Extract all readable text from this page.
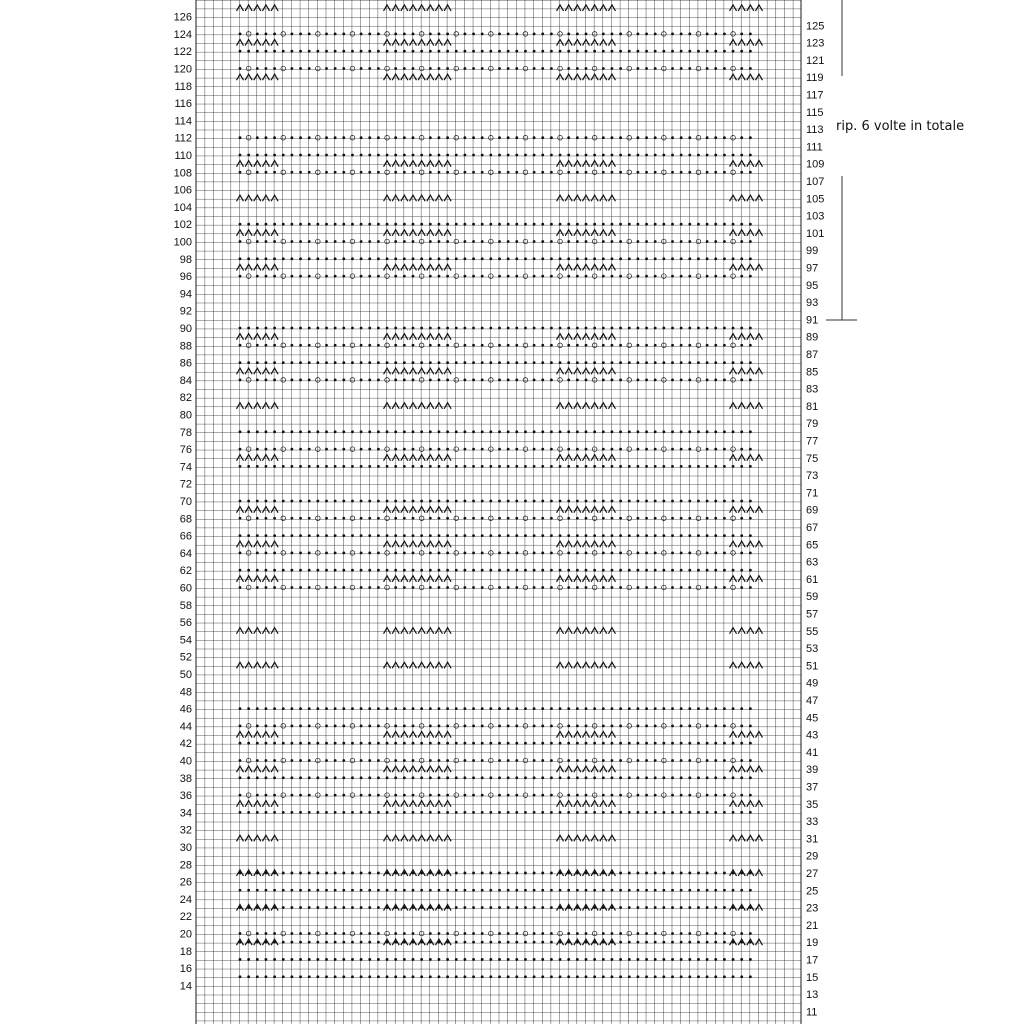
14
16
18
20
22
24
26
28
30
32
34
36
38
40
42
44
46
48
50
52
54
56
58
60
62
64
66
68
70
72
74
76
78
80
82
84
86
88
90
92
94
96
98
100
102
104
106
108
110
112
114
116
118
120
122
124
126
11
13
15
17
19
21
23
25
27
29
31
33
35
37
39
41
43
45
47
49
51
53
55
57
59
61
63
65
67
69
71
73
75
77
79
81
83
85
87
89
91
93
95
97
99
101
103
105
107
109
111
113
115
117
119
121
123
125
rip. 6 volte in totale
